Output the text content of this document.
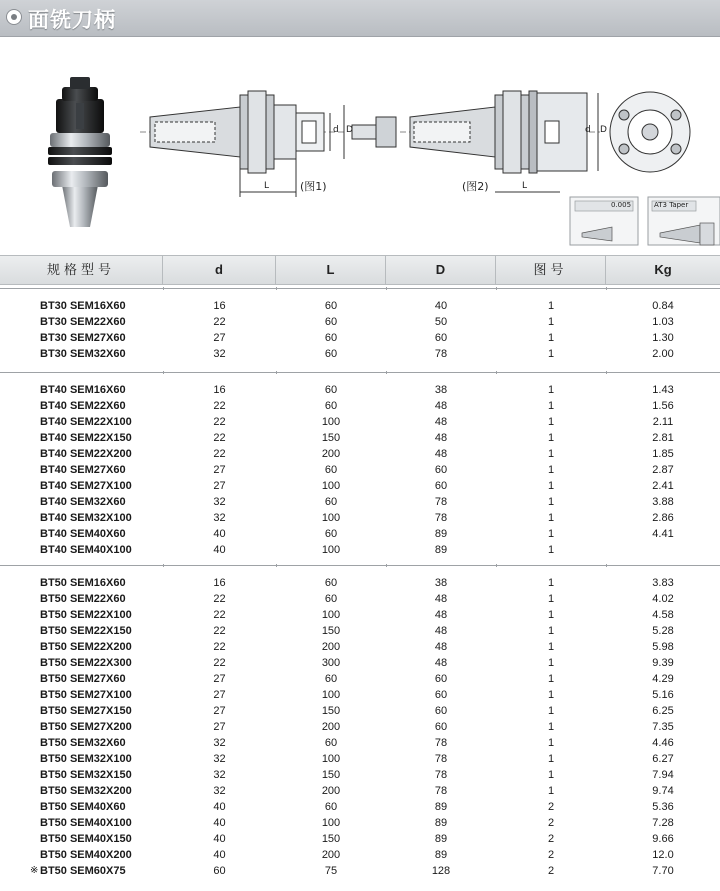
面铣刀柄
(图1)	(图2)
L	L
d D	d D
0.005	AT3 Taper
规格型号	d	L	D	图号	Kg
BT30 SEM16X60	16	60	40	1	0.84
BT30 SEM22X60	22	60	50	1	1.03
BT30 SEM27X60	27	60	60	1	1.30
BT30 SEM32X60	32	60	78	1	2.00
BT40 SEM16X60	16	60	38	1	1.43
BT40 SEM22X60	22	60	48	1	1.56
BT40 SEM22X100	22	100	48	1	2.11
BT40 SEM22X150	22	150	48	1	2.81
BT40 SEM22X200	22	200	48	1	1.85
BT40 SEM27X60	27	60	60	1	2.87
BT40 SEM27X100	27	100	60	1	2.41
BT40 SEM32X60	32	60	78	1	3.88
BT40 SEM32X100	32	100	78	1	2.86
BT40 SEM40X60	40	60	89	1	4.41
BT40 SEM40X100	40	100	89	1
BT50 SEM16X60	16	60	38	1	3.83
BT50 SEM22X60	22	60	48	1	4.02
BT50 SEM22X100	22	100	48	1	4.58
BT50 SEM22X150	22	150	48	1	5.28
BT50 SEM22X200	22	200	48	1	5.98
BT50 SEM22X300	22	300	48	1	9.39
BT50 SEM27X60	27	60	60	1	4.29
BT50 SEM27X100	27	100	60	1	5.16
BT50 SEM27X150	27	150	60	1	6.25
BT50 SEM27X200	27	200	60	1	7.35
BT50 SEM32X60	32	60	78	1	4.46
BT50 SEM32X100	32	100	78	1	6.27
BT50 SEM32X150	32	150	78	1	7.94
BT50 SEM32X200	32	200	78	1	9.74
BT50 SEM40X60	40	60	89	2	5.36
BT50 SEM40X100	40	100	89	2	7.28
BT50 SEM40X150	40	150	89	2	9.66
BT50 SEM40X200	40	200	89	2	12.0
※ BT50 SEM60X75	60	75	128	2	7.70
